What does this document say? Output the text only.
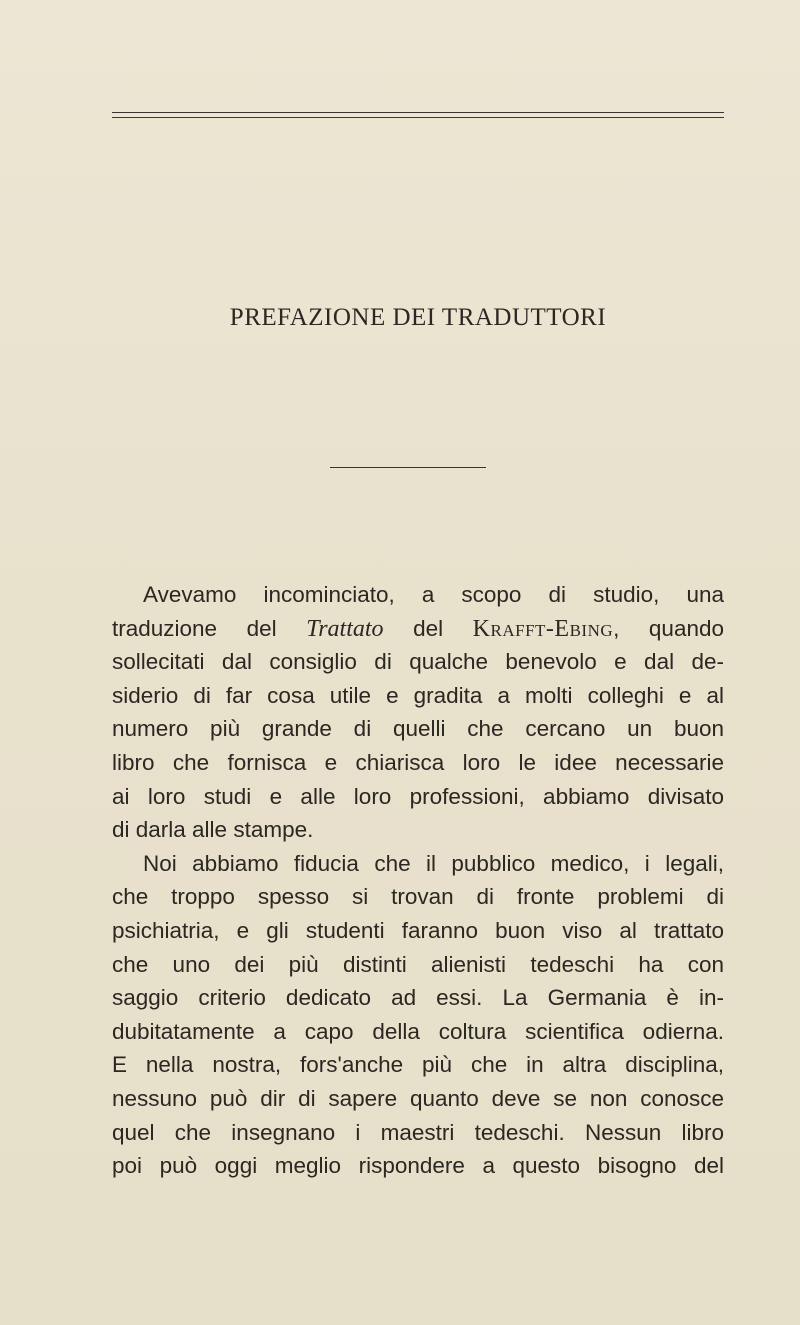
PREFAZIONE DEI TRADUTTORI
Avevamo incominciato, a scopo di studio, una
traduzione del Trattato del Krafft-Ebing, quando
sollecitati dal consiglio di qualche benevolo e dal de-
siderio di far cosa utile e gradita a molti colleghi e al
numero più grande di quelli che cercano un buon
libro che fornisca e chiarisca loro le idee necessarie
ai loro studi e alle loro professioni, abbiamo divisato
di darla alle stampe.
Noi abbiamo fiducia che il pubblico medico, i legali,
che troppo spesso si trovan di fronte problemi di
psichiatria, e gli studenti faranno buon viso al trattato
che uno dei più distinti alienisti tedeschi ha con
saggio criterio dedicato ad essi. La Germania è in-
dubitatamente a capo della coltura scientifica odierna.
E nella nostra, fors'anche più che in altra disciplina,
nessuno può dir di sapere quanto deve se non conosce
quel che insegnano i maestri tedeschi. Nessun libro
poi può oggi meglio rispondere a questo bisogno del
